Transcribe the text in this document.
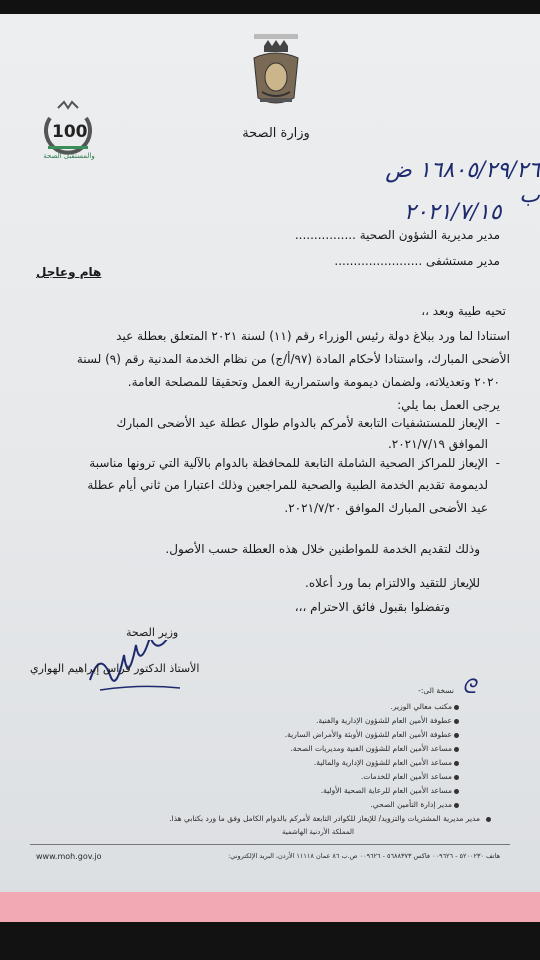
وزارة الصحة
100
والمستقبل الصحة
١٦٨٠٥/٢٩/٢٦ ض ب
٢٠٢١/٧/١٥
مدير مديرية الشؤون الصحية ................
مدير مستشفى .......................
هام وعاجل
تحيه طيبة وبعد ،،
استنادا لما ورد ببلاغ دولة رئيس الوزراء رقم (١١) لسنة ٢٠٢١ المتعلق بعطلة عيد
الأضحى المبارك، واستنادا لأحكام المادة (٩٧/أ/ج) من نظام الخدمة المدنية رقم (٩) لسنة
٢٠٢٠ وتعديلاته، ولضمان ديمومة واستمرارية العمل وتحقيقا للمصلحة العامة.
يرجى العمل بما يلي:
-
الإيعاز للمستشفيات التابعة لأمركم بالدوام طوال عطلة عيد الأضحى المبارك
الموافق ٢٠٢١/٧/١٩.
-
الإيعاز للمراكز الصحية الشاملة التابعة للمحافظة بالدوام بالآلية التي ترونها مناسبة
لديمومة تقديم الخدمة الطبية والصحية للمراجعين وذلك اعتبارا من ثاني أيام عطلة
عيد الأضحى المبارك الموافق ٢٠٢١/٧/٢٠.
وذلك لتقديم الخدمة للمواطنين خلال هذه العطلة حسب الأصول.
للإيعاز للتقيد والالتزام بما ورد أعلاه.
وتفضلوا بقبول فائق الاحترام ،،،
وزير الصحة
الأستاذ الدكتور فراس إبراهيم الهواري
ᘓ
نسخة الى:-
المملكة الأردنية الهاشمية
هاتف ٥٢٠٠٢٣٠ - ٠٠٩٦٢٦ فاكس ٥٦٨٨٣٧٣ - ٠٠٩٦٢٦ ص.ب ٨٦ عمان ١١١١٨ الأردن، البريد الإلكتروني:
www.moh.gov.jo
مكتب معالي الوزير.
عطوفة الأمين العام للشؤون الإدارية والفنية.
عطوفة الأمين العام للشؤون الأوبئة والأمراض السارية.
مساعد الأمين العام للشؤون الفنية ومديريات الصحة.
مساعد الأمين العام للشؤون الإدارية والمالية.
مساعد الأمين العام للخدمات.
مساعد الأمين العام للرعاية الصحية الأولية.
مدير إدارة التأمين الصحي.
مدير مديرية المشتريات والتزويد/ للإيعاز للكوادر التابعة لأمركم بالدوام الكامل وفق ما ورد بكتابي هذا.
